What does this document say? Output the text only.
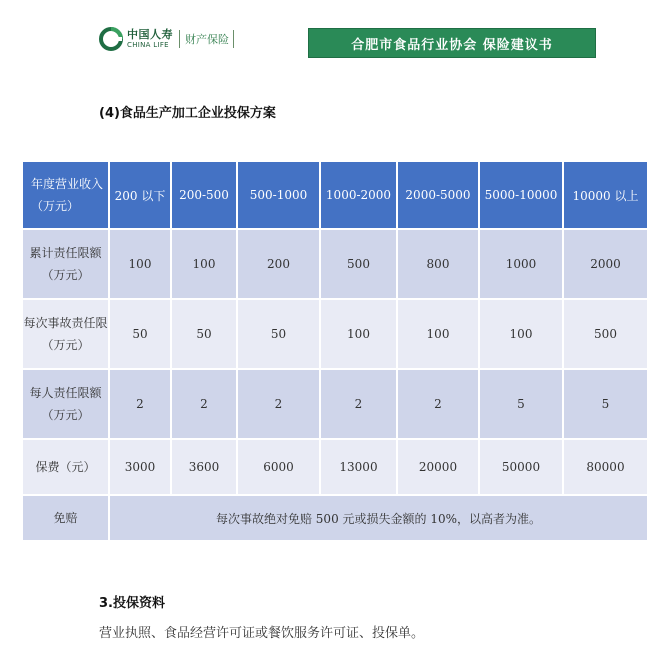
中国人寿
CHINA LIFE	财产保险	合肥市食品行业协会 保险建议书
(4)食品生产加工企业投保方案
年度营业收入（万元）	200 以下	200-500	500-1000	1000-2000	2000-5000	5000-10000	10000 以上
累计责任限额（万元）	100	100	200	500	800	1000	2000
每次事故责任限（万元）	50	50	50	100	100	100	500
每人责任限额（万元）	2	2	2	2	2	5	5
保费（元）	3000	3600	6000	13000	20000	50000	80000
免赔	每次事故绝对免赔 500 元或损失金额的 10%，以高者为准。						
3.投保资料
营业执照、食品经营许可证或餐饮服务许可证、投保单。
